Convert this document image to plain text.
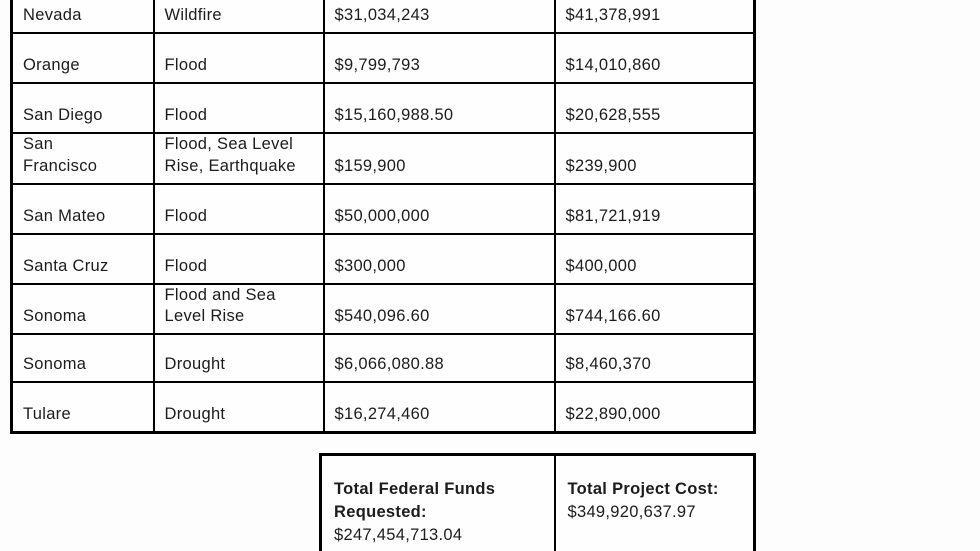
Nevada	Wildfire	$31,034,243	$41,378,991

Orange	Flood	$9,799,793	$14,010,860

San Diego	Flood	$15,160,988.50	$20,628,555

San Francisco	Flood, Sea Level Rise, Earthquake	$159,900	$239,900

San Mateo	Flood	$50,000,000	$81,721,919

Santa Cruz	Flood	$300,000	$400,000

Sonoma	Flood and Sea Level Rise	$540,096.60	$744,166.60

Sonoma	Drought	$6,066,080.88	$8,460,370

Tulare	Drought	$16,274,460	$22,890,000
Total Federal Funds Requested:
$247,454,713.04

Total Project Cost:
$349,920,637.97
